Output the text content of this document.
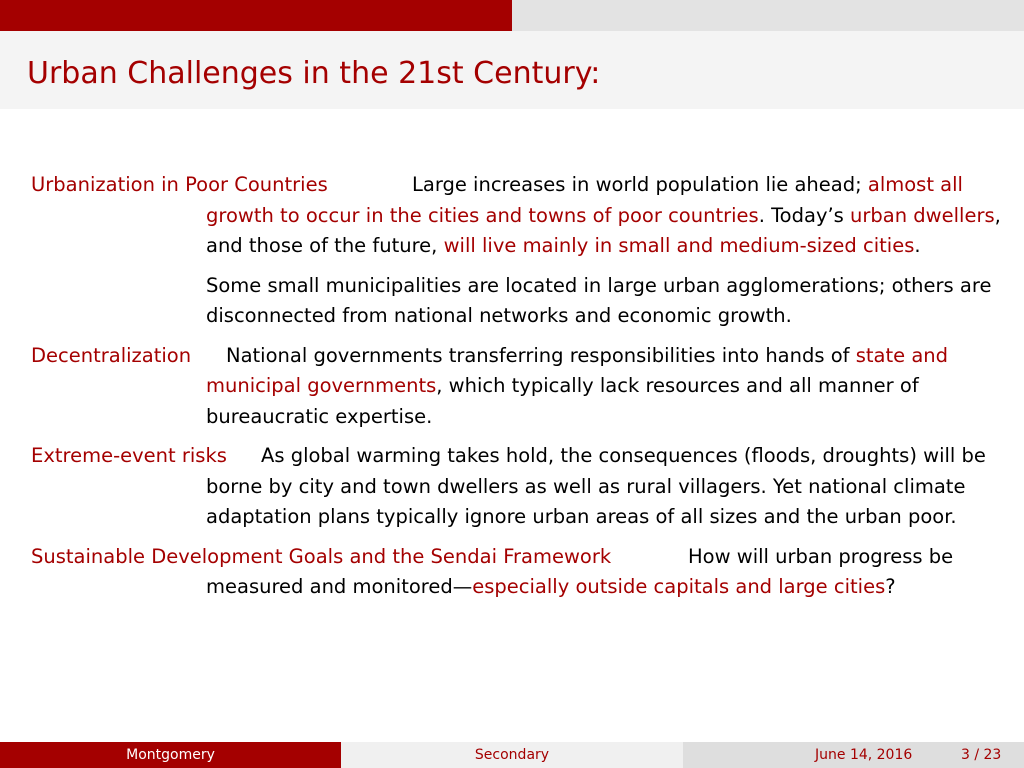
Urban Challenges in the 21st Century:
Urbanization in Poor Countries	Large increases in world population lie ahead; almost all growth to occur in the cities and towns of poor countries. Today’s urban dwellers, and those of the future, will live mainly in small and medium-sized cities.

Some small municipalities are located in large urban agglomerations; others are disconnected from national networks and economic growth.

Decentralization	National governments transferring responsibilities into hands of state and municipal governments, which typically lack resources and all manner of bureaucratic expertise.

Extreme-event risks	As global warming takes hold, the consequences (floods, droughts) will be borne by city and town dwellers as well as rural villagers. Yet national climate adaptation plans typically ignore urban areas of all sizes and the urban poor.

Sustainable Development Goals and the Sendai Framework	How will urban progress be measured and monitored—especially outside capitals and large cities?

Montgomery	Secondary	June 14, 2016	3 / 23
